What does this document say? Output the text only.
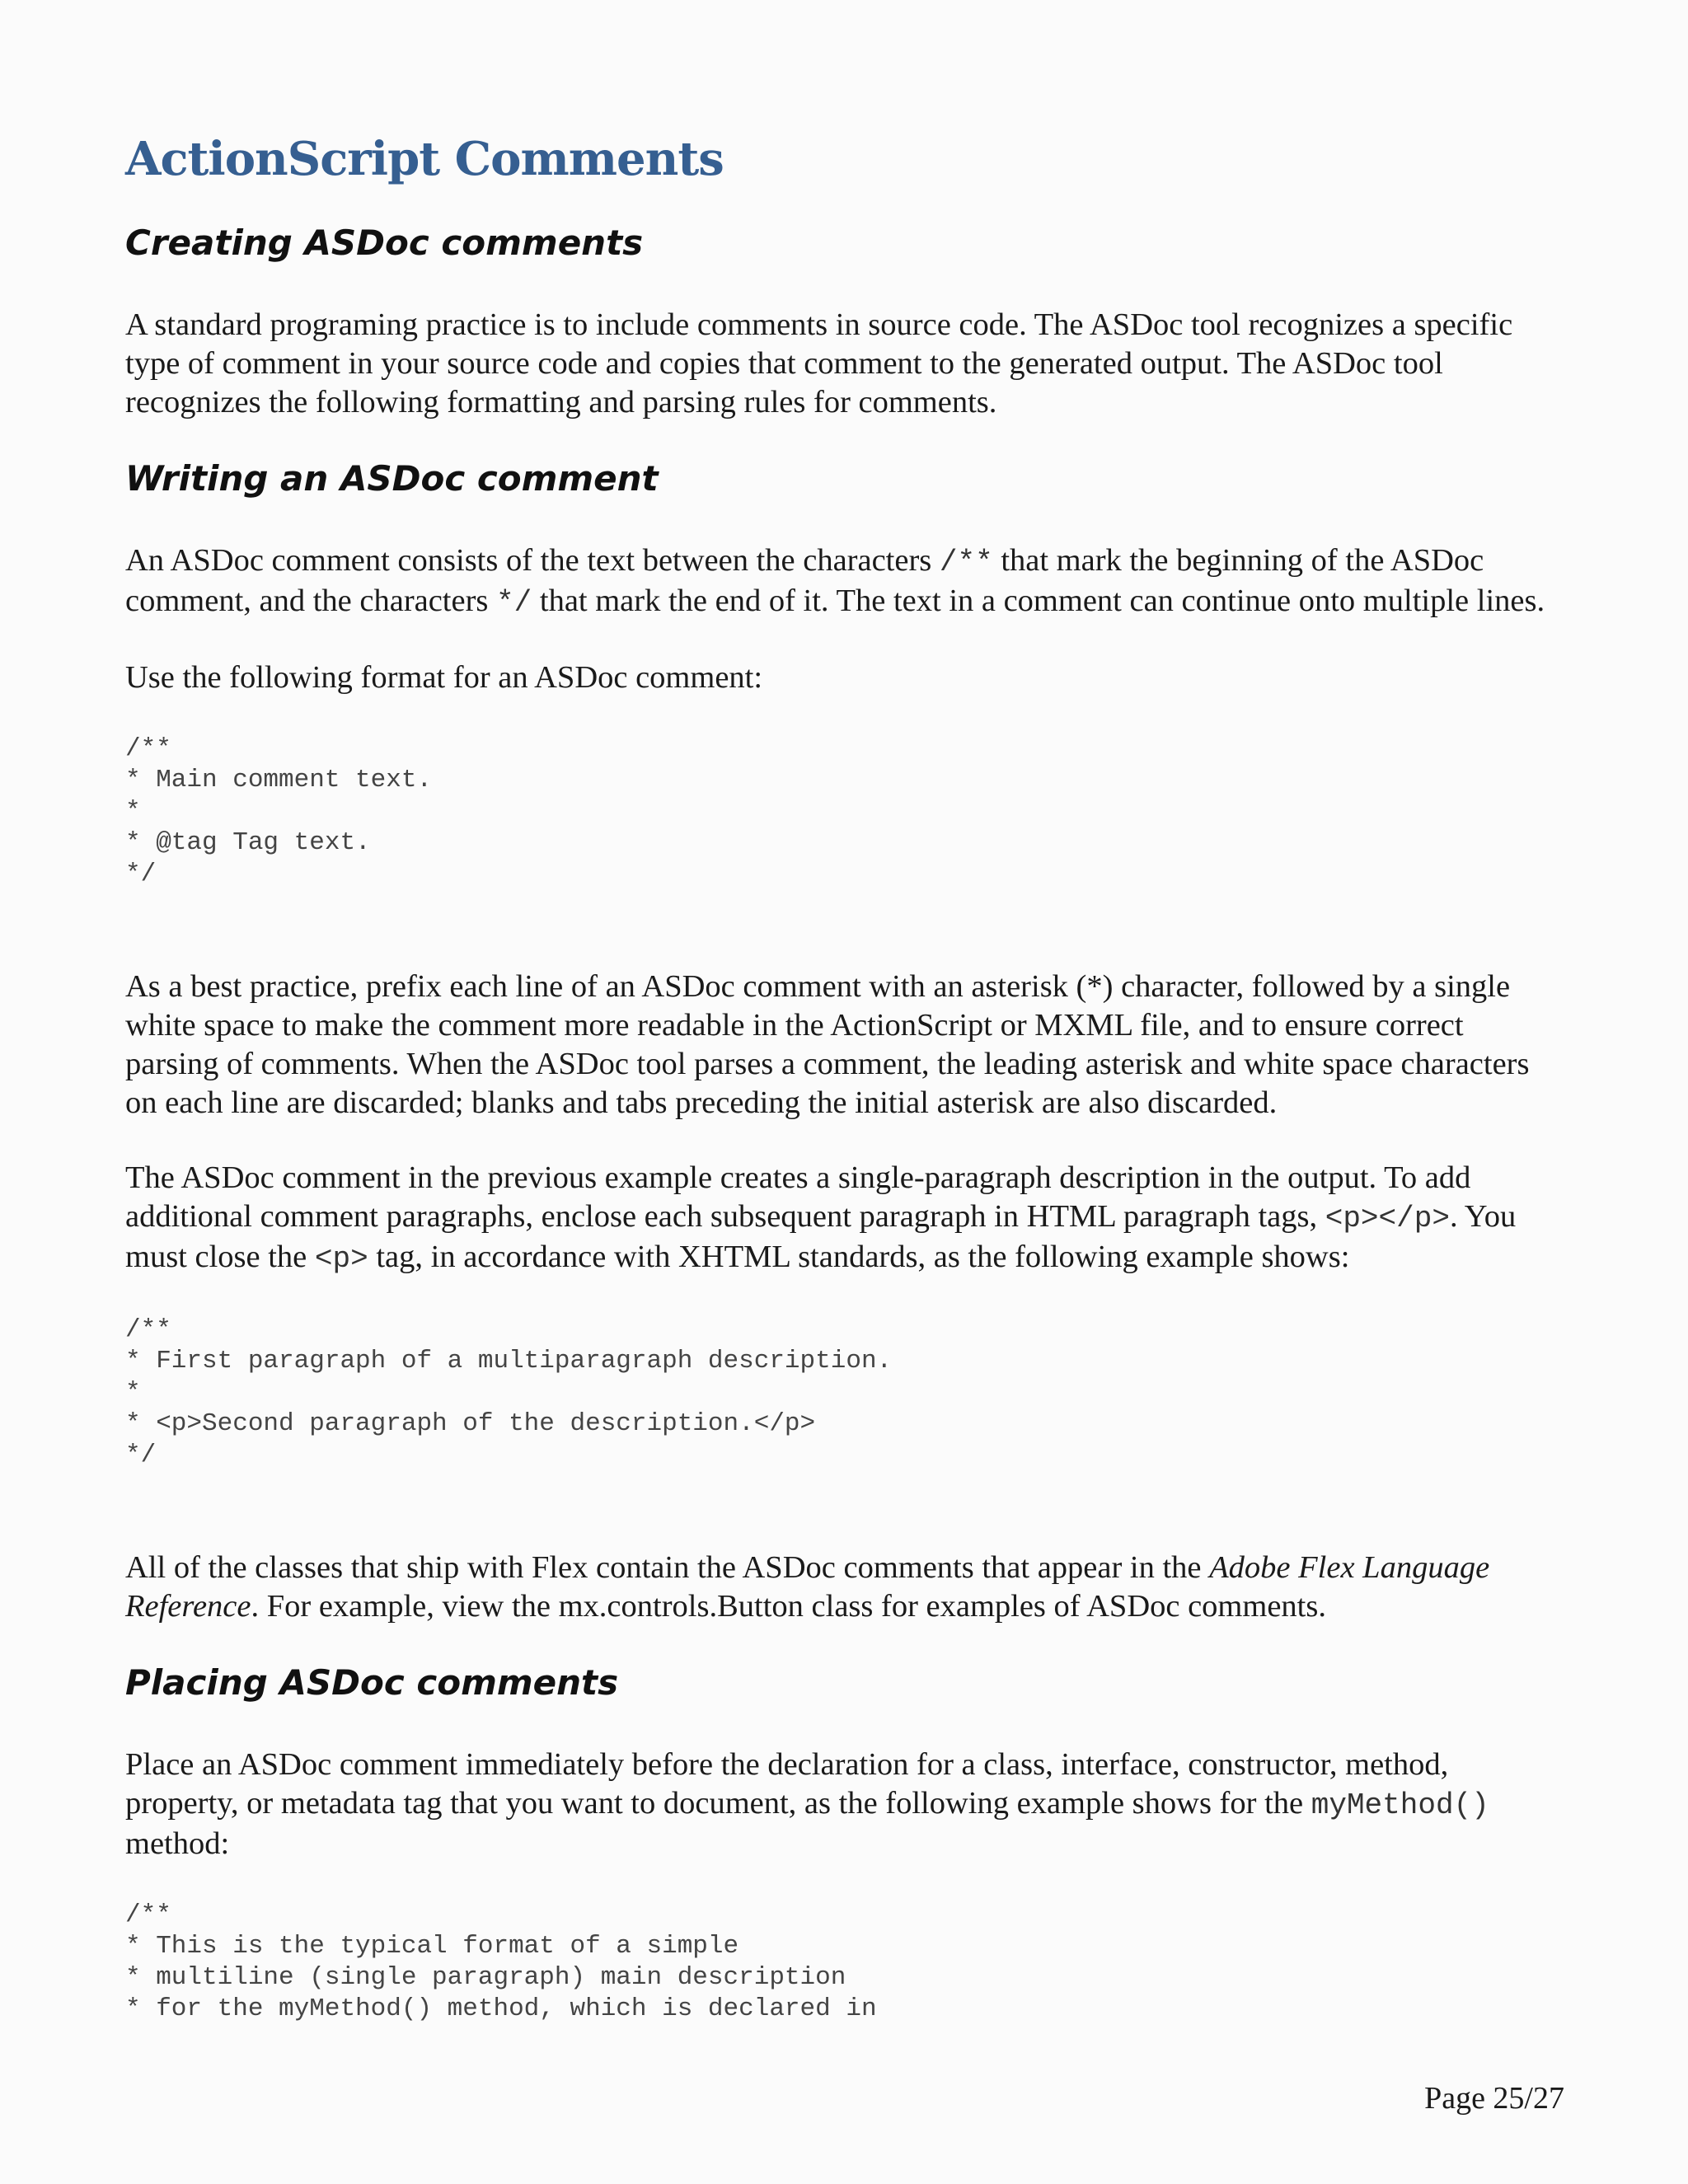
ActionScript Comments
Creating ASDoc comments

A standard programing practice is to include comments in source code. The ASDoc tool recognizes a specific type of comment in your source code and copies that comment to the generated output. The ASDoc tool recognizes the following formatting and parsing rules for comments.

Writing an ASDoc comment

An ASDoc comment consists of the text between the characters /** that mark the beginning of the ASDoc comment, and the characters */ that mark the end of it. The text in a comment can continue onto multiple lines.

Use the following format for an ASDoc comment:

/**
* Main comment text.
*
* @tag Tag text.
*/

As a best practice, prefix each line of an ASDoc comment with an asterisk (*) character, followed by a single white space to make the comment more readable in the ActionScript or MXML file, and to ensure correct parsing of comments. When the ASDoc tool parses a comment, the leading asterisk and white space characters on each line are discarded; blanks and tabs preceding the initial asterisk are also discarded.

The ASDoc comment in the previous example creates a single-paragraph description in the output. To add additional comment paragraphs, enclose each subsequent paragraph in HTML paragraph tags, <p></p>. You must close the <p> tag, in accordance with XHTML standards, as the following example shows:

/**
* First paragraph of a multiparagraph description.
*
* <p>Second paragraph of the description.</p>
*/

All of the classes that ship with Flex contain the ASDoc comments that appear in the Adobe Flex Language Reference. For example, view the mx.controls.Button class for examples of ASDoc comments.

Placing ASDoc comments

Place an ASDoc comment immediately before the declaration for a class, interface, constructor, method, property, or metadata tag that you want to document, as the following example shows for the myMethod() method:

/**
* This is the typical format of a simple
* multiline (single paragraph) main description
* for the myMethod() method, which is declared in
Page 25/27
